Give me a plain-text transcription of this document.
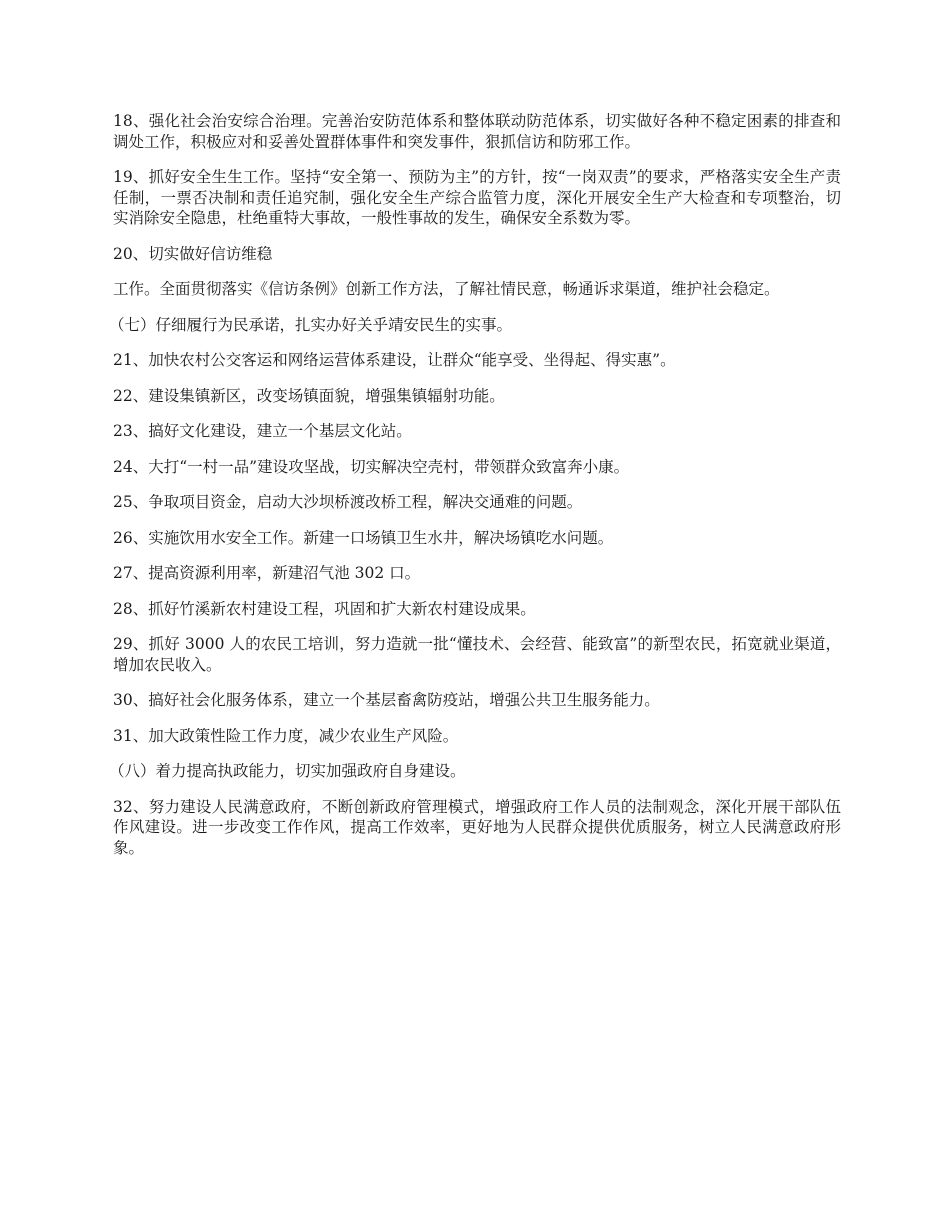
18、强化社会治安综合治理。完善治安防范体系和整体联动防范体系，切实做好各种不稳定困素的排查和调处工作，积极应对和妥善处置群体事件和突发事件，狠抓信访和防邪工作。

19、抓好安全生生工作。坚持“安全第一、预防为主”的方针，按“一岗双责”的要求，严格落实安全生产责任制，一票否决制和责任追究制，强化安全生产综合监管力度，深化开展安全生产大检查和专项整治，切实消除安全隐患，杜绝重特大事故，一般性事故的发生，确保安全系数为零。

20、切实做好信访维稳

工作。全面贯彻落实《信访条例》创新工作方法，了解社情民意，畅通诉求渠道，维护社会稳定。

（七）仔细履行为民承诺，扎实办好关乎靖安民生的实事。

21、加快农村公交客运和网络运营体系建设，让群众“能享受、坐得起、得实惠”。

22、建设集镇新区，改变场镇面貌，增强集镇辐射功能。

23、搞好文化建设，建立一个基层文化站。

24、大打“一村一品”建设攻坚战，切实解决空壳村，带领群众致富奔小康。

25、争取项目资金，启动大沙坝桥渡改桥工程，解决交通难的问题。

26、实施饮用水安全工作。新建一口场镇卫生水井，解决场镇吃水问题。

27、提高资源利用率，新建沼气池 302 口。

28、抓好竹溪新农村建设工程，巩固和扩大新农村建设成果。

29、抓好 3000 人的农民工培训，努力造就一批“懂技术、会经营、能致富”的新型农民，拓宽就业渠道，增加农民收入。

30、搞好社会化服务体系，建立一个基层畜禽防疫站，增强公共卫生服务能力。

31、加大政策性险工作力度，减少农业生产风险。

（八）着力提高执政能力，切实加强政府自身建设。

32、努力建设人民满意政府，不断创新政府管理模式，增强政府工作人员的法制观念，深化开展干部队伍作风建设。进一步改变工作作风，提高工作效率，更好地为人民群众提供优质服务，树立人民满意政府形象。
